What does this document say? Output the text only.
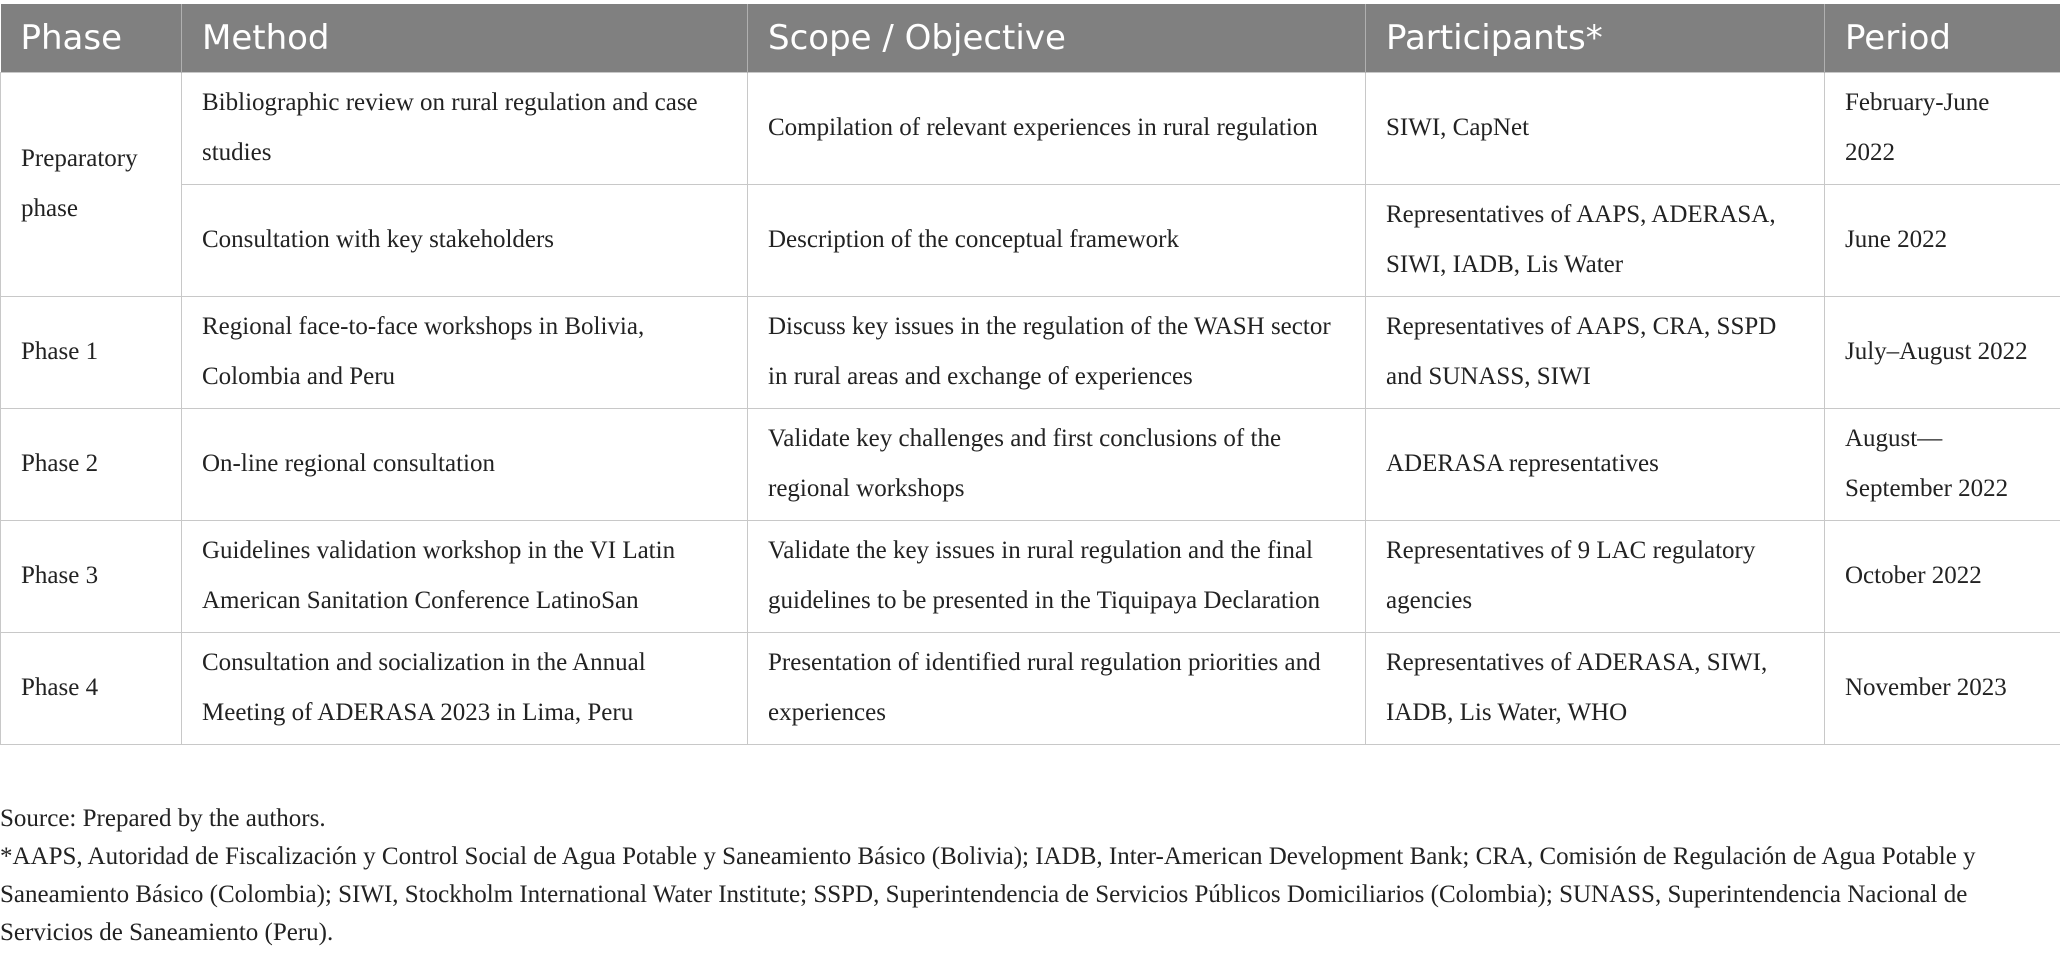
Phase	Method	Scope / Objective	Participants*	Period
Preparatory phase	Bibliographic review on rural regulation and case studies	Compilation of relevant experiences in rural regulation	SIWI, CapNet	February-June 2022
	Consultation with key stakeholders	Description of the conceptual framework	Representatives of AAPS, ADERASA, SIWI, IADB, Lis Water	June 2022
Phase 1	Regional face-to-face workshops in Bolivia, Colombia and Peru	Discuss key issues in the regulation of the WASH sector in rural areas and exchange of experiences	Representatives of AAPS, CRA, SSPD and SUNASS, SIWI	July–August 2022
Phase 2	On-line regional consultation	Validate key challenges and first conclusions of the regional workshops	ADERASA representatives	August—September 2022
Phase 3	Guidelines validation workshop in the VI Latin American Sanitation Conference LatinoSan	Validate the key issues in rural regulation and the final guidelines to be presented in the Tiquipaya Declaration	Representatives of 9 LAC regulatory agencies	October 2022
Phase 4	Consultation and socialization in the Annual Meeting of ADERASA 2023 in Lima, Peru	Presentation of identified rural regulation priorities and experiences	Representatives of ADERASA, SIWI, IADB, Lis Water, WHO	November 2023

Source: Prepared by the authors.

*AAPS, Autoridad de Fiscalización y Control Social de Agua Potable y Saneamiento Básico (Bolivia); IADB, Inter-American Development Bank; CRA, Comisión de Regulación de Agua Potable y Saneamiento Básico (Colombia); SIWI, Stockholm International Water Institute; SSPD, Superintendencia de Servicios Públicos Domiciliarios (Colombia); SUNASS, Superintendencia Nacional de Servicios de Saneamiento (Peru).
